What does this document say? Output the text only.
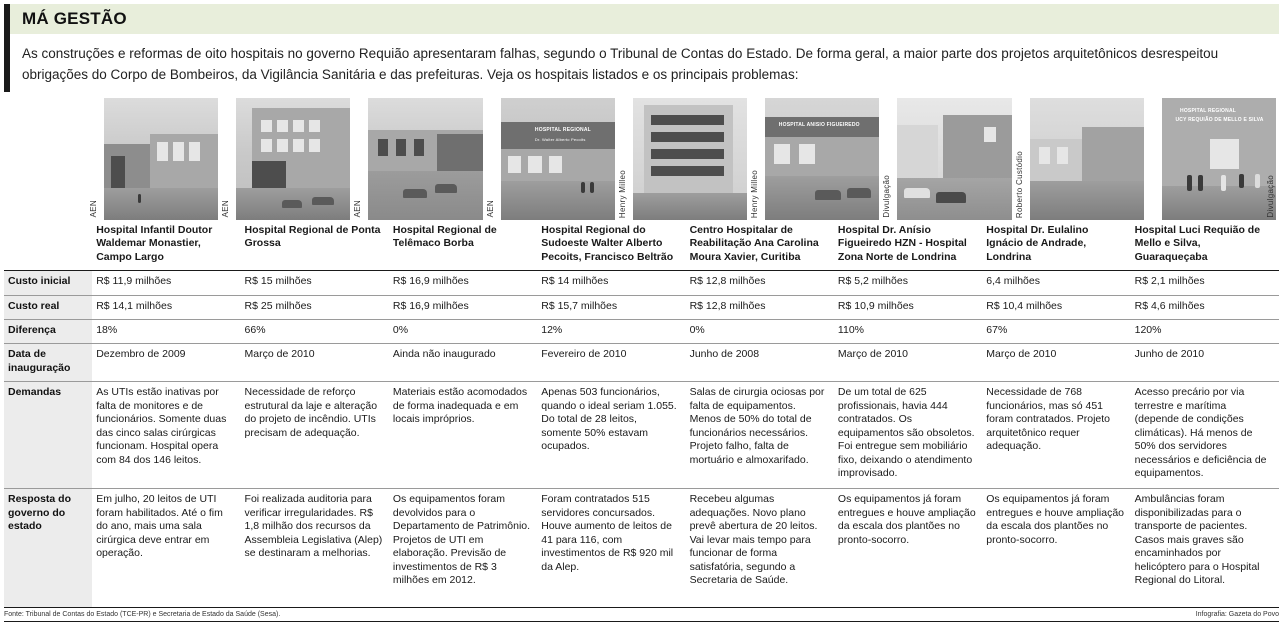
MÁ GESTÃO
As construções e reformas de oito hospitais no governo Requião apresentaram falhas, segundo o Tribunal de Contas do Estado. De forma geral, a maior parte dos projetos arquitetônicos desrespeitou obrigações do Corpo de Bombeiros, da Vigilância Sanitária e das prefeituras. Veja os hospitais listados e os principais problemas:
AEN	AEN	AEN
HOSPITAL REGIONAL
Dr. Walter Alberto Pecoits
AEN	Henry Milleo
HOSPITAL ANISIO FIGUEIREDO
Henry Milleo	Divulgação	Roberto Custódio
HOSPITAL REGIONAL
UCY REQUIÃO DE MELLO E SILVA
Divulgação
	Hospital Infantil Doutor Waldemar Monastier, Campo Largo	Hospital Regional de Ponta Grossa	Hospital Regional de Telêmaco Borba	Hospital Regional do Sudoeste Walter Alberto Pecoits, Francisco Beltrão	Centro Hospitalar de Reabilitação Ana Carolina Moura Xavier, Curitiba	Hospital Dr. Anísio Figueiredo HZN - Hospital Zona Norte de Londrina	Hospital Dr. Eulalino Ignácio de Andrade, Londrina	Hospital Luci Requião de Mello e Silva, Guaraqueçaba
Custo inicial	R$ 11,9 milhões	R$ 15 milhões	R$ 16,9 milhões	R$ 14 milhões	R$ 12,8 milhões	R$ 5,2 milhões	6,4 milhões	R$ 2,1 milhões
Custo real	R$ 14,1 milhões	R$ 25 milhões	R$ 16,9 milhões	R$ 15,7 milhões	R$ 12,8 milhões	R$ 10,9 milhões	R$ 10,4 milhões	R$ 4,6 milhões
Diferença	18%	66%	0%	12%	0%	110%	67%	120%
Data de inauguração	Dezembro de 2009	Março de 2010	Ainda não inaugurado	Fevereiro de 2010	Junho de 2008	Março de 2010	Março de 2010	Junho de 2010
Demandas	As UTIs estão inativas por falta de monitores e de funcionários. Somente duas das cinco salas cirúrgicas funcionam. Hospital opera com 84 dos 146 leitos.	Necessidade de reforço estrutural da laje e alteração do projeto de incêndio. UTIs precisam de adequação.	Materiais estão acomodados de forma inadequada e em locais impróprios.	Apenas 503 funcionários, quando o ideal seriam 1.055. Do total de 28 leitos, somente 50% estavam ocupados.	Salas de cirurgia ociosas por falta de equipamentos. Menos de 50% do total de funcionários necessários. Projeto falho, falta de mortuário e almoxarifado.	De um total de 625 profissionais, havia 444 contratados. Os equipamentos são obsoletos. Foi entregue sem mobiliário fixo, deixando o atendimento improvisado.	Necessidade de 768 funcionários, mas só 451 foram contratados. Projeto arquitetônico requer adequação.	Acesso precário por via terrestre e marítima (depende de condições climáticas). Há menos de 50% dos servidores necessários e deficiência de equipamentos.
Resposta do governo do estado	Em julho, 20 leitos de UTI foram habilitados. Até o fim do ano, mais uma sala cirúrgica deve entrar em operação.	Foi realizada auditoria para verificar irregularidades. R$ 1,8 milhão dos recursos da Assembleia Legislativa (Alep) se destinaram a melhorias.	Os equipamentos foram devolvidos para o Departamento de Patrimônio. Projetos de UTI em elaboração. Previsão de investimentos de R$ 3 milhões em 2012.	Foram contratados 515 servidores concursados. Houve aumento de leitos de 41 para 116, com investimentos de R$ 920 mil da Alep.	Recebeu algumas adequações. Novo plano prevê abertura de 20 leitos. Vai levar mais tempo para funcionar de forma satisfatória, segundo a Secretaria de Saúde.	Os equipamentos já foram entregues e houve ampliação da escala dos plantões no pronto-socorro.	Os equipamentos já foram entregues e houve ampliação da escala dos plantões no pronto-socorro.	Ambulâncias foram disponibilizadas para o transporte de pacientes. Casos mais graves são encaminhados por helicóptero para o Hospital Regional do Litoral.
Fonte: Tribunal de Contas do Estado (TCE-PR) e Secretaria de Estado da Saúde (Sesa).	Infografia: Gazeta do Povo
